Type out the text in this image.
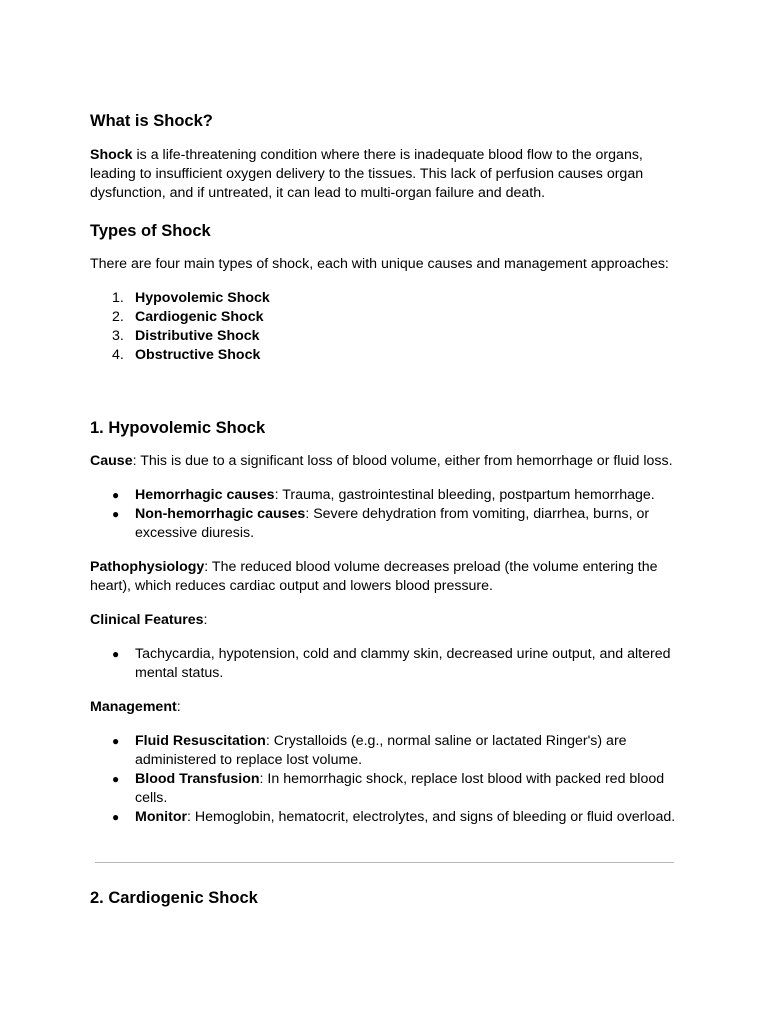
What is Shock?

Shock is a life-threatening condition where there is inadequate blood flow to the organs, leading to insufficient oxygen delivery to the tissues. This lack of perfusion causes organ dysfunction, and if untreated, it can lead to multi-organ failure and death.

Types of Shock

There are four main types of shock, each with unique causes and management approaches:

1. Hypovolemic Shock
2. Cardiogenic Shock
3. Distributive Shock
4. Obstructive Shock
1. Hypovolemic Shock

Cause: This is due to a significant loss of blood volume, either from hemorrhage or fluid loss.

● Hemorrhagic causes: Trauma, gastrointestinal bleeding, postpartum hemorrhage.
● Non-hemorrhagic causes: Severe dehydration from vomiting, diarrhea, burns, or excessive diuresis.

Pathophysiology: The reduced blood volume decreases preload (the volume entering the heart), which reduces cardiac output and lowers blood pressure.

Clinical Features:

● Tachycardia, hypotension, cold and clammy skin, decreased urine output, and altered mental status.

Management:

● Fluid Resuscitation: Crystalloids (e.g., normal saline or lactated Ringer's) are administered to replace lost volume.
● Blood Transfusion: In hemorrhagic shock, replace lost blood with packed red blood cells.
● Monitor: Hemoglobin, hematocrit, electrolytes, and signs of bleeding or fluid overload.
2. Cardiogenic Shock
